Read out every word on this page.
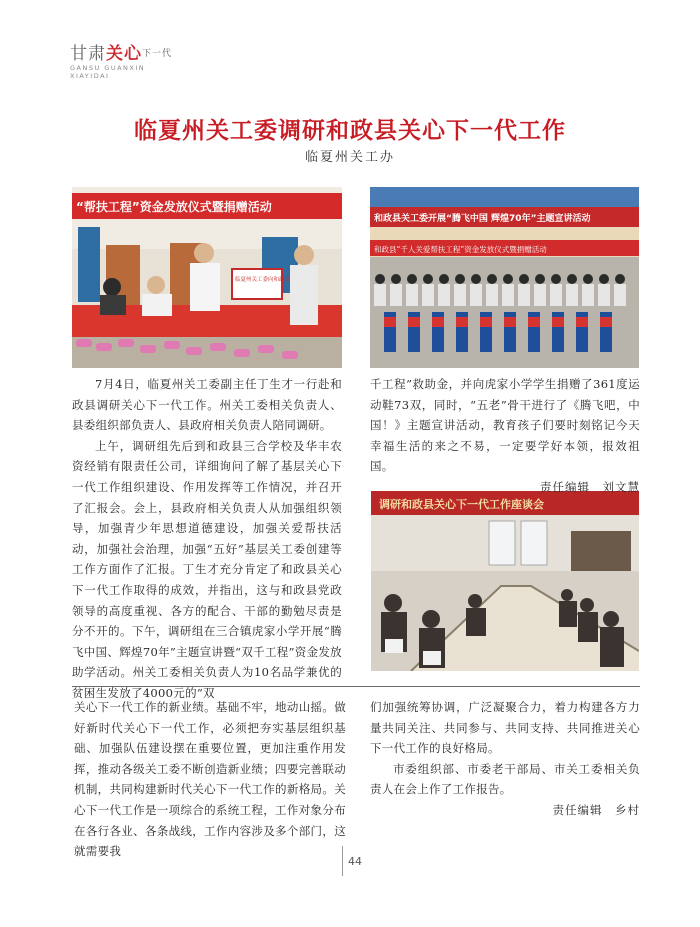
甘肃关心$^{下一代}$
GANSU GUANXIN
XIAYIDAI
临夏州关工委调研和政县关心下一代工作
临夏州关工办
“帮扶工程”资金发放仪式暨捐赠活动
临夏州关工委向和政县
和政县关工委开展“腾飞中国 辉煌70年”主题宣讲活动
和政县“千人关爱帮扶工程”资金发放仪式暨捐赠活动
调研和政县关心下一代工作座谈会

7月4日，临夏州关工委副主任丁生才一行赴和政县调研关心下一代工作。州关工委相关负责人、县委组织部负责人、县政府相关负责人陪同调研。

上午，调研组先后到和政县三合学校及华丰农资经销有限责任公司，详细询问了解了基层关心下一代工作组织建设、作用发挥等工作情况，并召开了汇报会。会上，县政府相关负责人从加强组织领导，加强青少年思想道德建设，加强关爱帮扶活动，加强社会治理，加强“五好”基层关工委创建等工作方面作了汇报。丁生才充分肯定了和政县关心下一代工作取得的成效，并指出，这与和政县党政领导的高度重视、各方的配合、干部的勤勉尽责是分不开的。下午，调研组在三合镇虎家小学开展“腾飞中国、辉煌70年”主题宣讲暨“双千工程”资金发放助学活动。州关工委相关负责人为10名品学兼优的贫困生发放了4000元的“双

千工程”救助金，并向虎家小学学生捐赠了361度运动鞋73双，同时，“五老”骨干进行了《腾飞吧，中国！》主题宣讲活动，教育孩子们要时刻铭记今天幸福生活的来之不易，一定要学好本领，报效祖国。

责任编辑　刘文慧

关心下一代工作的新业绩。基础不牢，地动山摇。做好新时代关心下一代工作，必须把夯实基层组织基础、加强队伍建设摆在重要位置，更加注重作用发挥，推动各级关工委不断创造新业绩；四要完善联动机制，共同构建新时代关心下一代工作的新格局。关心下一代工作是一项综合的系统工程，工作对象分布在各行各业、各条战线，工作内容涉及多个部门，这就需要我

们加强统筹协调，广泛凝聚合力，着力构建各方力量共同关注、共同参与、共同支持、共同推进关心下一代工作的良好格局。

市委组织部、市委老干部局、市关工委相关负责人在会上作了工作报告。

责任编辑　乡村

44
